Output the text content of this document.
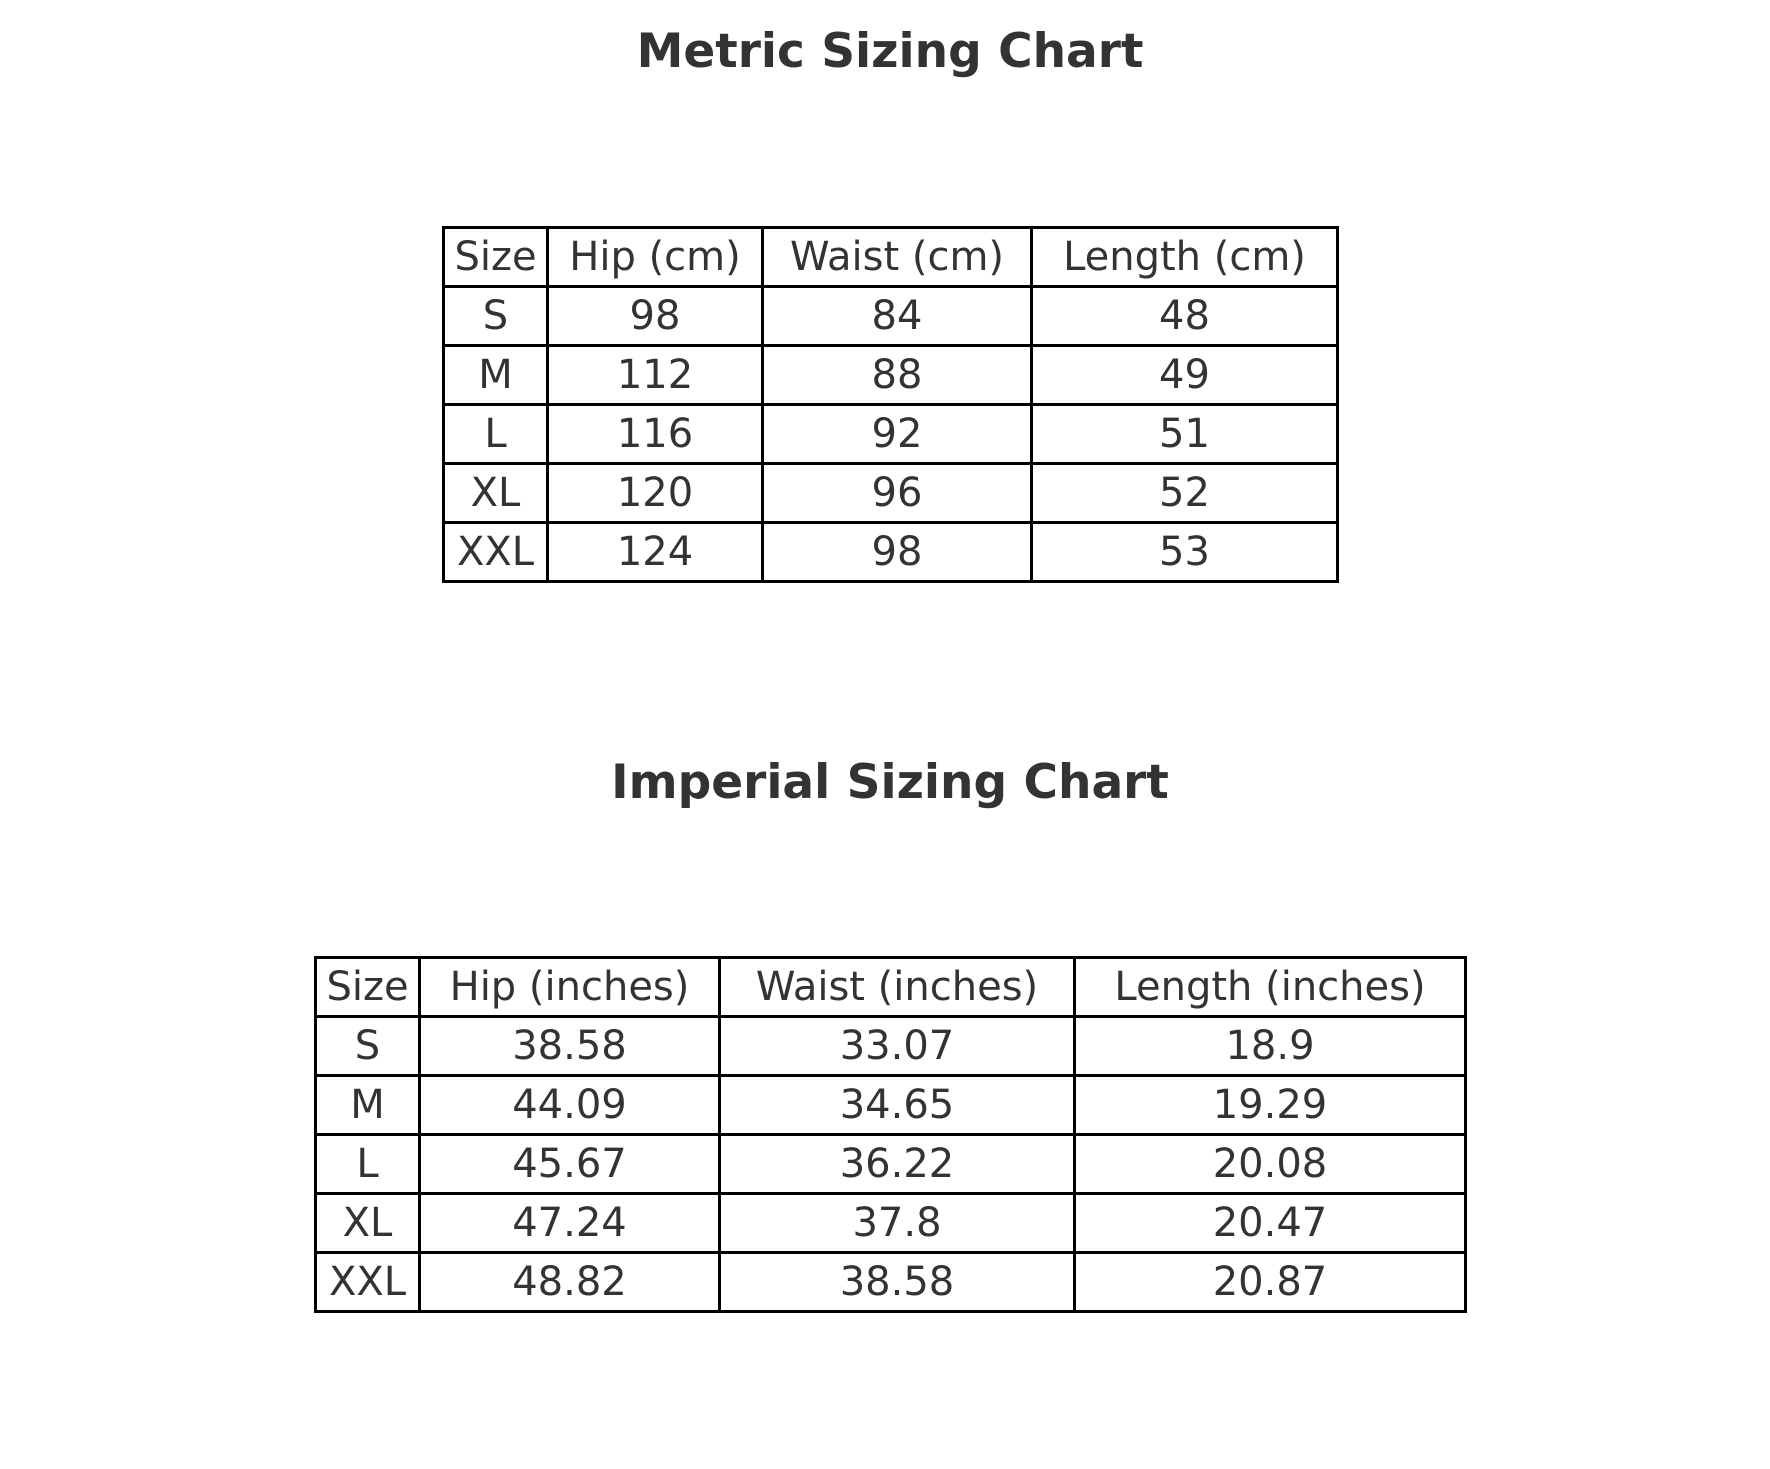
Metric Sizing Chart
Size	Hip (cm)	Waist (cm)	Length (cm)
S	98	84	48
M	112	88	49
L	116	92	51
XL	120	96	52
XXL	124	98	53
Imperial Sizing Chart
Size	Hip (inches)	Waist (inches)	Length (inches)
S	38.58	33.07	18.9
M	44.09	34.65	19.29
L	45.67	36.22	20.08
XL	47.24	37.8	20.47
XXL	48.82	38.58	20.87
